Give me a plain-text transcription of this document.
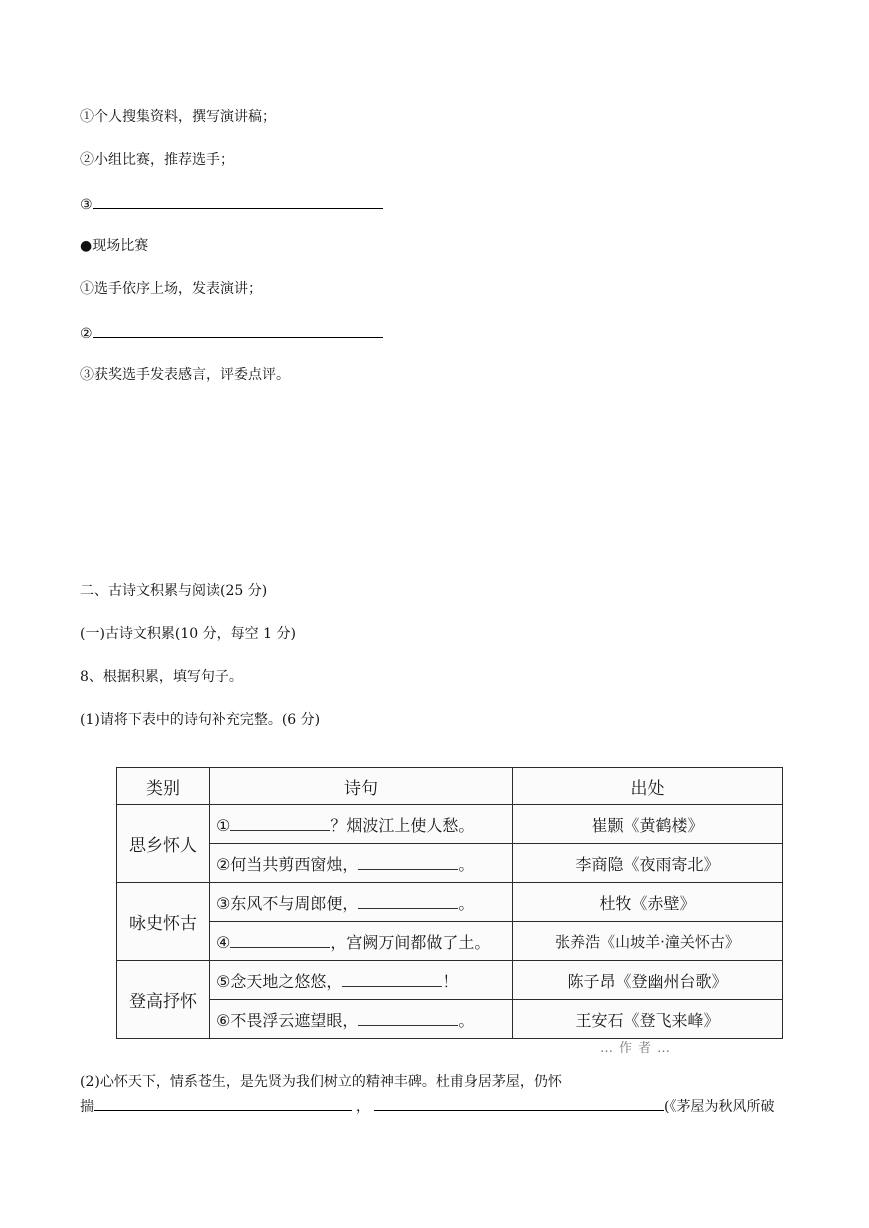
①个人搜集资料，撰写演讲稿；
②小组比赛，推荐选手；
③
●现场比赛
①选手依序上场，发表演讲；
②
③获奖选手发表感言，评委点评。
二、古诗文积累与阅读(25 分)
(一)古诗文积累(10 分，每空 1 分)
8、根据积累，填写句子。
(1)请将下表中的诗句补充完整。(6 分)
类别	诗句	出处
思乡怀人	① ？烟波江上使人愁。	崔颢《黄鹤楼》
	②何当共剪西窗烛， 。	李商隐《夜雨寄北》
咏史怀古	③东风不与周郎便， 。	杜牧《赤壁》
	④ ，宫阙万间都做了土。	张养浩《山坡羊·潼关怀古》
登高抒怀	⑤念天地之悠悠， ！	陈子昂《登幽州台歌》
	⑥不畏浮云遮望眼， 。	王安石《登飞来峰》
…作者…
(2)心怀天下，情系苍生，是先贤为我们树立的精神丰碑。杜甫身居茅屋，仍怀
揣	，	(《茅屋为秋风所破
